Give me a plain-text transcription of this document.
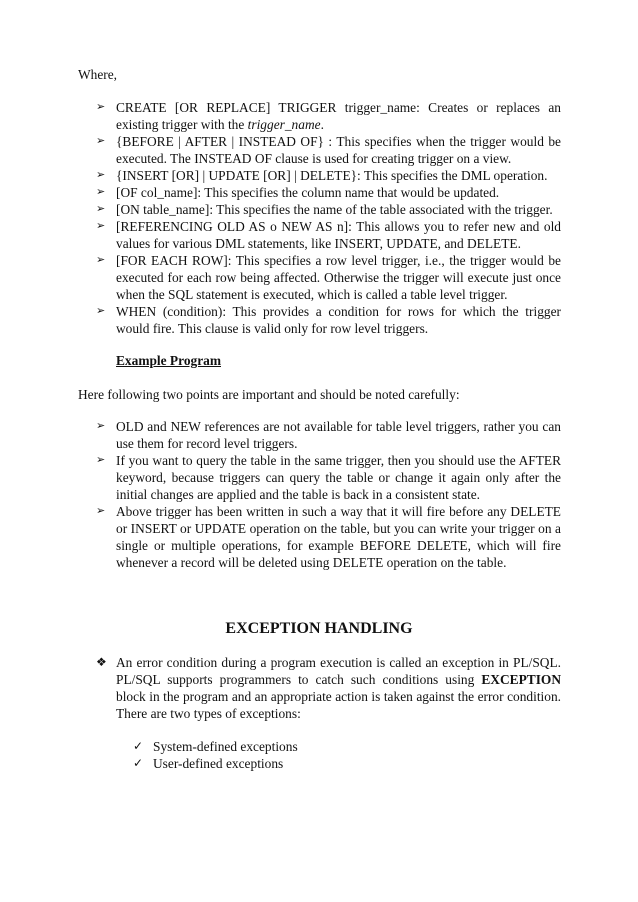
Where,

➢ CREATE [OR REPLACE] TRIGGER trigger_name: Creates or replaces an existing trigger with the trigger_name.
➢ {BEFORE | AFTER | INSTEAD OF} : This specifies when the trigger would be executed. The INSTEAD OF clause is used for creating trigger on a view.
➢ {INSERT [OR] | UPDATE [OR] | DELETE}: This specifies the DML operation.
➢ [OF col_name]: This specifies the column name that would be updated.
➢ [ON table_name]: This specifies the name of the table associated with the trigger.
➢ [REFERENCING OLD AS o NEW AS n]: This allows you to refer new and old values for various DML statements, like INSERT, UPDATE, and DELETE.
➢ [FOR EACH ROW]: This specifies a row level trigger, i.e., the trigger would be executed for each row being affected. Otherwise the trigger will execute just once when the SQL statement is executed, which is called a table level trigger.
➢ WHEN (condition): This provides a condition for rows for which the trigger would fire. This clause is valid only for row level triggers.

Example Program

Here following two points are important and should be noted carefully:

➢ OLD and NEW references are not available for table level triggers, rather you can use them for record level triggers.
➢ If you want to query the table in the same trigger, then you should use the AFTER keyword, because triggers can query the table or change it again only after the initial changes are applied and the table is back in a consistent state.
➢ Above trigger has been written in such a way that it will fire before any DELETE or INSERT or UPDATE operation on the table, but you can write your trigger on a single or multiple operations, for example BEFORE DELETE, which will fire whenever a record will be deleted using DELETE operation on the table.
EXCEPTION HANDLING
❖ An error condition during a program execution is called an exception in PL/SQL. PL/SQL supports programmers to catch such conditions using EXCEPTION block in the program and an appropriate action is taken against the error condition. There are two types of exceptions:
✓ System-defined exceptions
✓ User-defined exceptions
